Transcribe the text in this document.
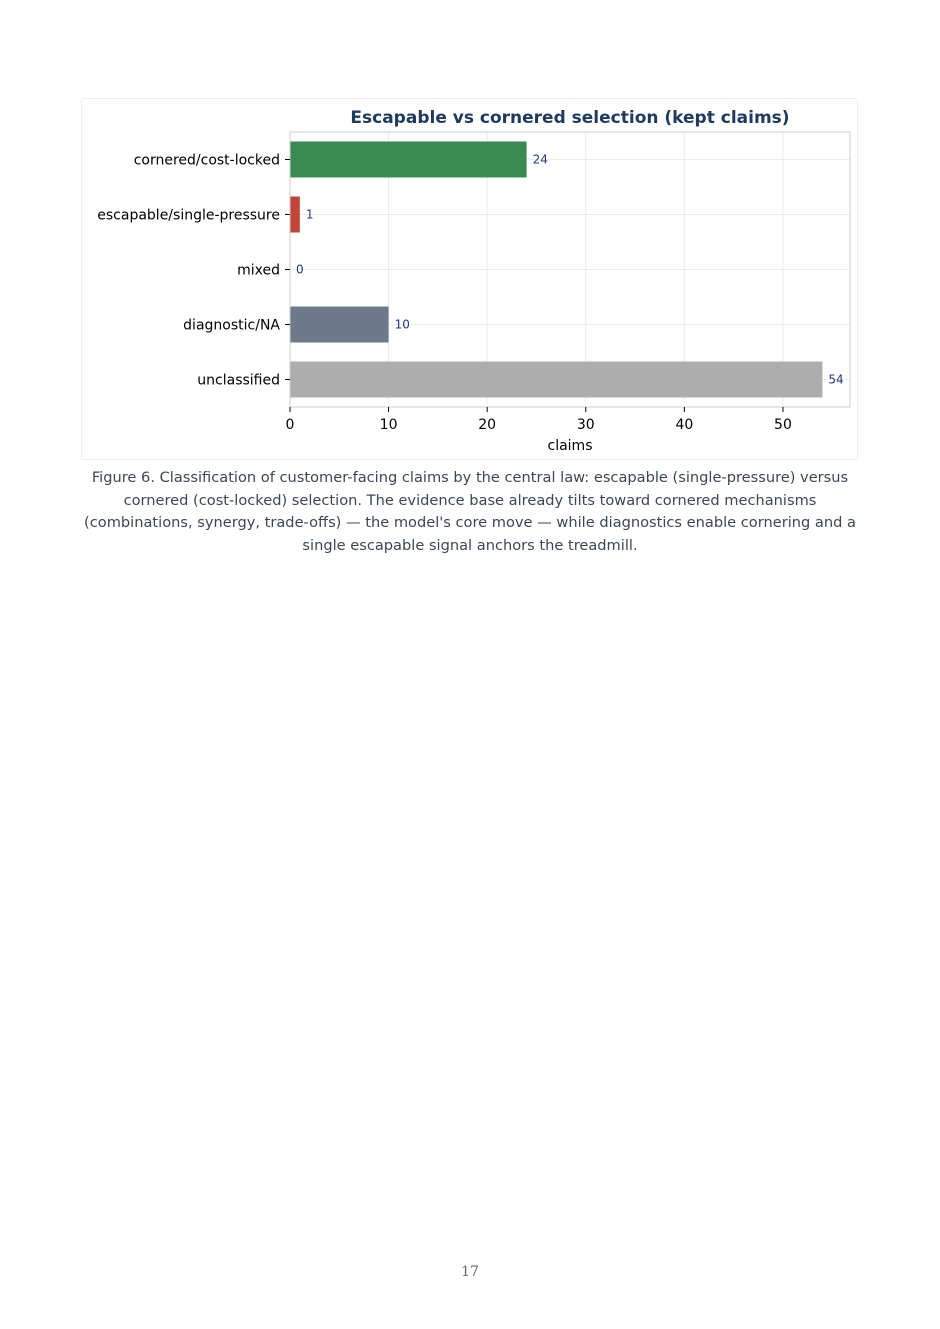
Escapable vs cornered selection (kept claims)
24
1
0
10
54
cornered/cost-locked
escapable/single-pressure
mixed
diagnostic/NA
unclassified
0	10	20	30	40	50
claims

Figure 6. Classification of customer-facing claims by the central law: escapable (single-pressure) versus cornered (cost-locked) selection. The evidence base already tilts toward cornered mechanisms (combinations, synergy, trade-offs) — the model's core move — while diagnostics enable cornering and a single escapable signal anchors the treadmill.

17
